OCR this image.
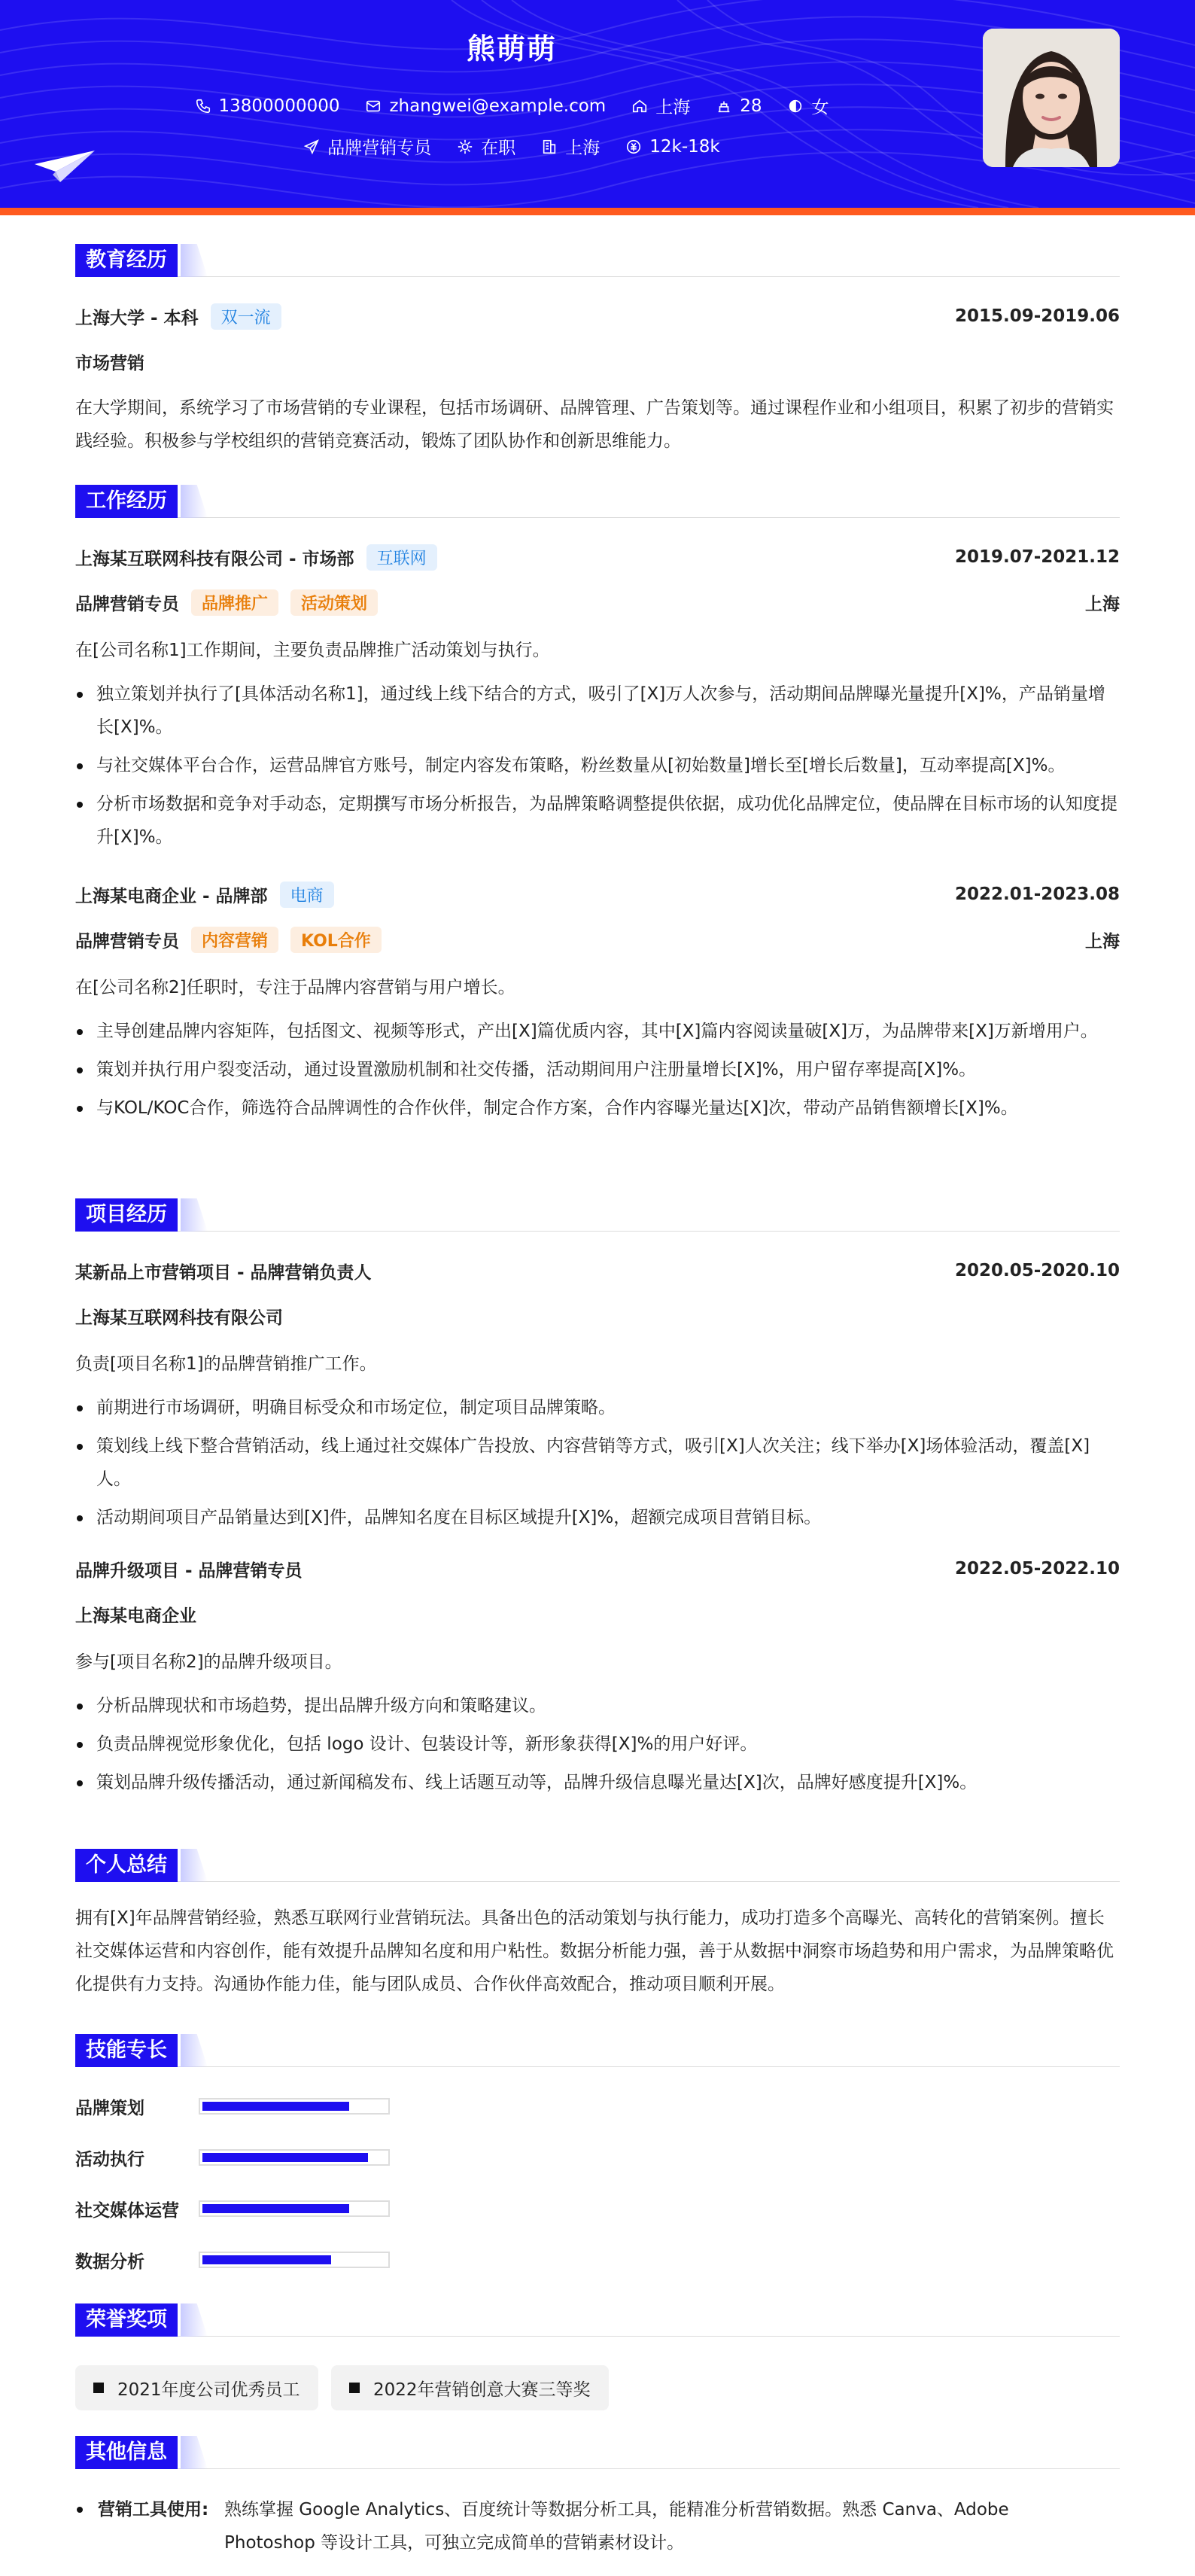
熊萌萌
13800000000	zhangwei@example.com	上海	28	女
品牌营销专员	在职	上海	12k-18k
教育经历
上海大学 - 本科	双一流	2015.09-2019.06
市场营销
在大学期间，系统学习了市场营销的专业课程，包括市场调研、品牌管理、广告策划等。通过课程作业和小组项目，积累了初步的营销实践经验。积极参与学校组织的营销竞赛活动，锻炼了团队协作和创新思维能力。
工作经历
上海某互联网科技有限公司 - 市场部	互联网	2019.07-2021.12
品牌营销专员	品牌推广	活动策划	上海
在[公司名称1]工作期间，主要负责品牌推广活动策划与执行。
独立策划并执行了[具体活动名称1]，通过线上线下结合的方式，吸引了[X]万人次参与，活动期间品牌曝光量提升[X]%，产品销量增长[X]%。
与社交媒体平台合作，运营品牌官方账号，制定内容发布策略，粉丝数量从[初始数量]增长至[增长后数量]，互动率提高[X]%。
分析市场数据和竞争对手动态，定期撰写市场分析报告，为品牌策略调整提供依据，成功优化品牌定位，使品牌在目标市场的认知度提升[X]%。
上海某电商企业 - 品牌部	电商	2022.01-2023.08
品牌营销专员	内容营销	KOL合作	上海
在[公司名称2]任职时，专注于品牌内容营销与用户增长。
主导创建品牌内容矩阵，包括图文、视频等形式，产出[X]篇优质内容，其中[X]篇内容阅读量破[X]万，为品牌带来[X]万新增用户。
策划并执行用户裂变活动，通过设置激励机制和社交传播，活动期间用户注册量增长[X]%，用户留存率提高[X]%。
与KOL/KOC合作，筛选符合品牌调性的合作伙伴，制定合作方案，合作内容曝光量达[X]次，带动产品销售额增长[X]%。
项目经历
某新品上市营销项目 - 品牌营销负责人	2020.05-2020.10
上海某互联网科技有限公司
负责[项目名称1]的品牌营销推广工作。
前期进行市场调研，明确目标受众和市场定位，制定项目品牌策略。
策划线上线下整合营销活动，线上通过社交媒体广告投放、内容营销等方式，吸引[X]人次关注；线下举办[X]场体验活动，覆盖[X]人。
活动期间项目产品销量达到[X]件，品牌知名度在目标区域提升[X]%，超额完成项目营销目标。
品牌升级项目 - 品牌营销专员	2022.05-2022.10
上海某电商企业
参与[项目名称2]的品牌升级项目。
分析品牌现状和市场趋势，提出品牌升级方向和策略建议。
负责品牌视觉形象优化，包括 logo 设计、包装设计等，新形象获得[X]%的用户好评。
策划品牌升级传播活动，通过新闻稿发布、线上话题互动等，品牌升级信息曝光量达[X]次，品牌好感度提升[X]%。
个人总结
拥有[X]年品牌营销经验，熟悉互联网行业营销玩法。具备出色的活动策划与执行能力，成功打造多个高曝光、高转化的营销案例。擅长社交媒体运营和内容创作，能有效提升品牌知名度和用户粘性。数据分析能力强，善于从数据中洞察市场趋势和用户需求，为品牌策略优化提供有力支持。沟通协作能力佳，能与团队成员、合作伙伴高效配合，推动项目顺利开展。
技能专长
品牌策划
活动执行
社交媒体运营
数据分析
荣誉奖项
2021年度公司优秀员工	2022年营销创意大赛三等奖
其他信息
营销工具使用: 熟练掌握 Google Analytics、百度统计等数据分析工具，能精准分析营销数据。熟悉 Canva、Adobe
Photoshop 等设计工具，可独立完成简单的营销素材设计。
